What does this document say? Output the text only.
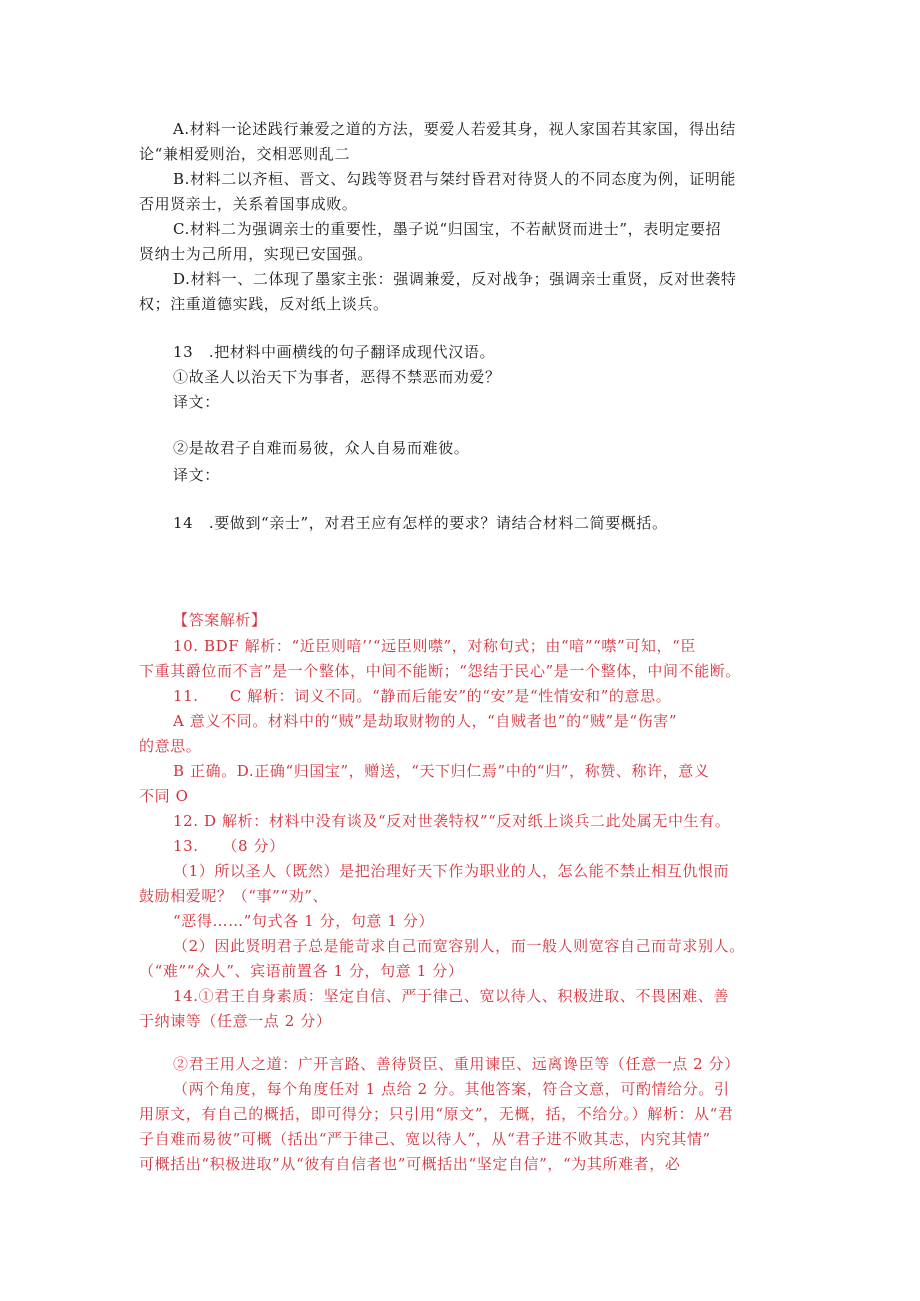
A.材料一论述践行兼爱之道的方法，要爱人若爱其身，视人家国若其家国，得出结
论“兼相爱则治，交相恶则乱二
B.材料二以齐桓、晋文、勾践等贤君与桀纣昏君对待贤人的不同态度为例，证明能
否用贤亲士，关系着国事成败。
C.材料二为强调亲士的重要性，墨子说“归国宝，不若献贤而进士”，表明定要招
贤纳士为己所用，实现已安国强。
D.材料一、二体现了墨家主张：强调兼爱，反对战争；强调亲士重贤，反对世袭特
权；注重道德实践，反对纸上谈兵。
13　.把材料中画横线的句子翻译成现代汉语。
①故圣人以治天下为事者，恶得不禁恶而劝爱？
译文：
②是故君子自难而易彼，众人自易而难彼。
译文：
14　.要做到“亲士”，对君王应有怎样的要求？请结合材料二简要概括。
【答案解析】
10. BDF 解析：“近臣则喑’’“远臣则噤”，对称句式；由“喑”“噤”可知，“臣
下重其爵位而不言”是一个整体，中间不能断；“怨结于民心”是一个整体，中间不能断。
11.　　C 解析：词义不同。“静而后能安”的“安”是“性情安和”的意思。
A 意义不同。材料中的“贼”是劫取财物的人，“自贼者也”的“贼”是“伤害”
的意思。
B 正确。D.正确“归国宝”，赠送，“天下归仁焉”中的“归”，称赞、称许，意义
不同 O
12. D 解析：材料中没有谈及“反对世袭特权”“反对纸上谈兵二此处属无中生有。
13.　　（8 分）
（1）所以圣人（既然）是把治理好天下作为职业的人，怎么能不禁止相互仇恨而
鼓励相爱呢？（“事”“劝”、
“恶得……”句式各 1 分，句意 1 分）
（2）因此贤明君子总是能苛求自己而宽容别人，而一般人则宽容自己而苛求别人。
（“难”“众人”、宾语前置各 1 分，句意 1 分）
14.①君王自身素质：坚定自信、严于律己、宽以待人、积极进取、不畏困难、善
于纳谏等（任意一点 2 分）
②君王用人之道：广开言路、善待贤臣、重用谏臣、远离谗臣等（任意一点 2 分）
（两个角度，每个角度任对 1 点给 2 分。其他答案，符合文意，可酌情给分。引
用原文，有自己的概括，即可得分；只引用“原文”，无概，括，不给分。）解析：从“君
子自难而易彼”可概（括出“严于律己、宽以待人”，从“君子进不败其志，内究其情”
可概括出“积极进取”从“彼有自信者也”可概括出“坚定自信”，“为其所难者，必
